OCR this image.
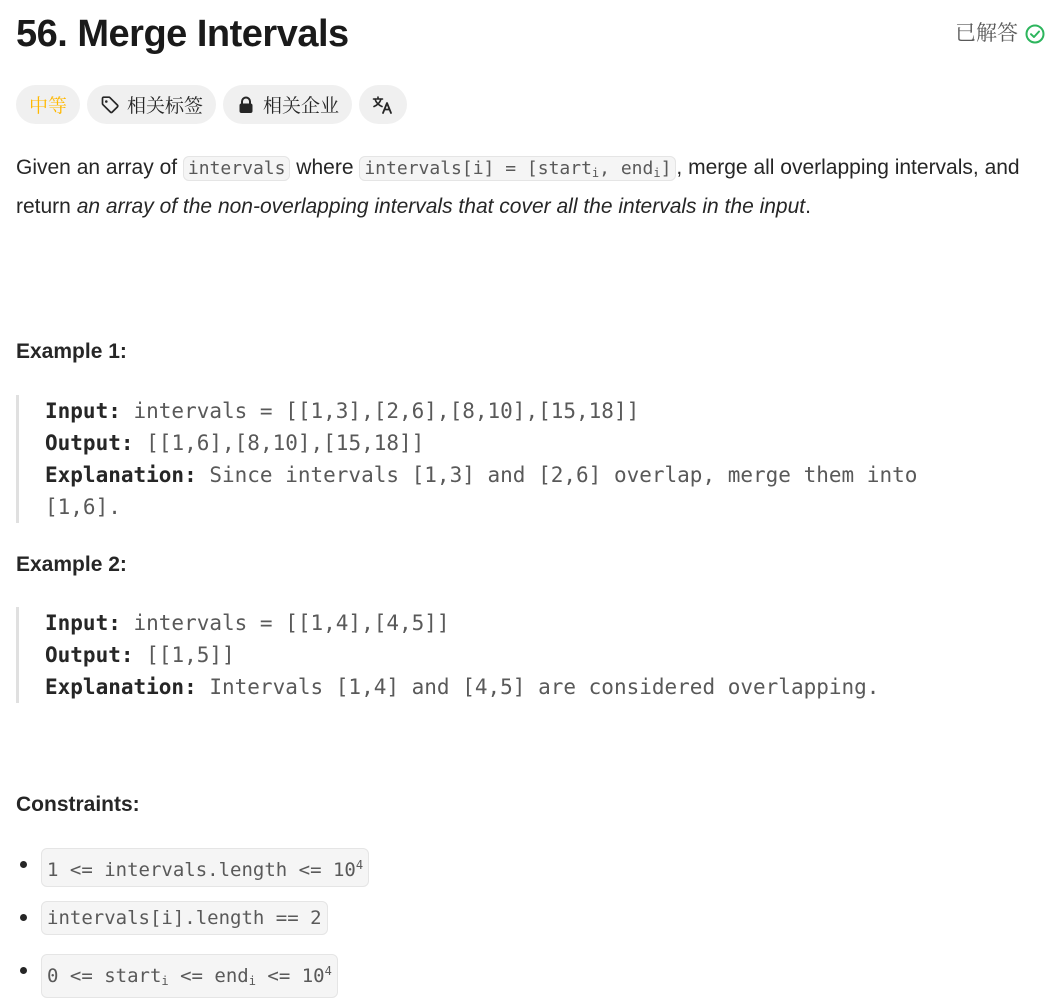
56. Merge Intervals	已解答
中等	相关标签	相关企业

Given an array of intervals where intervals[i] = [start$_i$, end$_i$] , merge all overlapping intervals, and return an array of the non-overlapping intervals that cover all the intervals in the input.

Example 1:
Input: intervals = [[1,3],[2,6],[8,10],[15,18]]
Output: [[1,6],[8,10],[15,18]]
Explanation: Since intervals [1,3] and [2,6] overlap, merge them into
[1,6].
Example 2:
Input: intervals = [[1,4],[4,5]]
Output: [[1,5]]
Explanation: Intervals [1,4] and [4,5] are considered overlapping.
Constraints:
1 <= intervals.length <= $10^4$
intervals[i].length == 2
0 <= start$_i$ <= $end_i <= 10^4$
